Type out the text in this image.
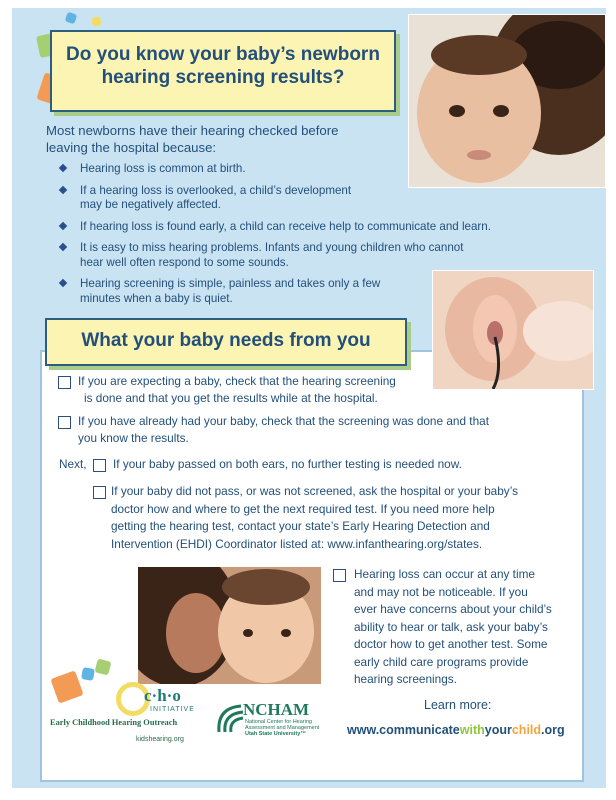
Do you know your baby’s newborn
hearing screening results?
Most newborns have their hearing checked before
leaving the hospital because:
Hearing loss is common at birth.
If a hearing loss is overlooked, a child’s development
may be negatively affected.
If hearing loss is found early, a child can receive help to communicate and learn.
It is easy to miss hearing problems. Infants and young children who cannot
hear well often respond to some sounds.
Hearing screening is simple, painless and takes only a few
minutes when a baby is quiet.
What your baby needs from you
If you are expecting a baby, check that the hearing screening
is done and that you get the results while at the hospital.
If you have already had your baby, check that the screening was done and that
you know the results.
Next, If your baby passed on both ears, no further testing is needed now.
If your baby did not pass, or was not screened, ask the hospital or your baby’s
doctor how and where to get the next required test. If you need more help
getting the hearing test, contact your state’s Early Hearing Detection and
Intervention (EHDI) Coordinator listed at: www.infanthearing.org/states.
Hearing loss can occur at any time
and may not be noticeable. If you
ever have concerns about your child’s
ability to hear or talk, ask your baby’s
doctor how to get another test. Some
early child care programs provide
hearing screenings.
Learn more:
www.communicatewithyourchild.org
c·h·o
INITIATIVE
Early Childhood Hearing Outreach
kidshearing.org
NCHAM
National Center for Hearing
Assessment and Management
Utah State University™
